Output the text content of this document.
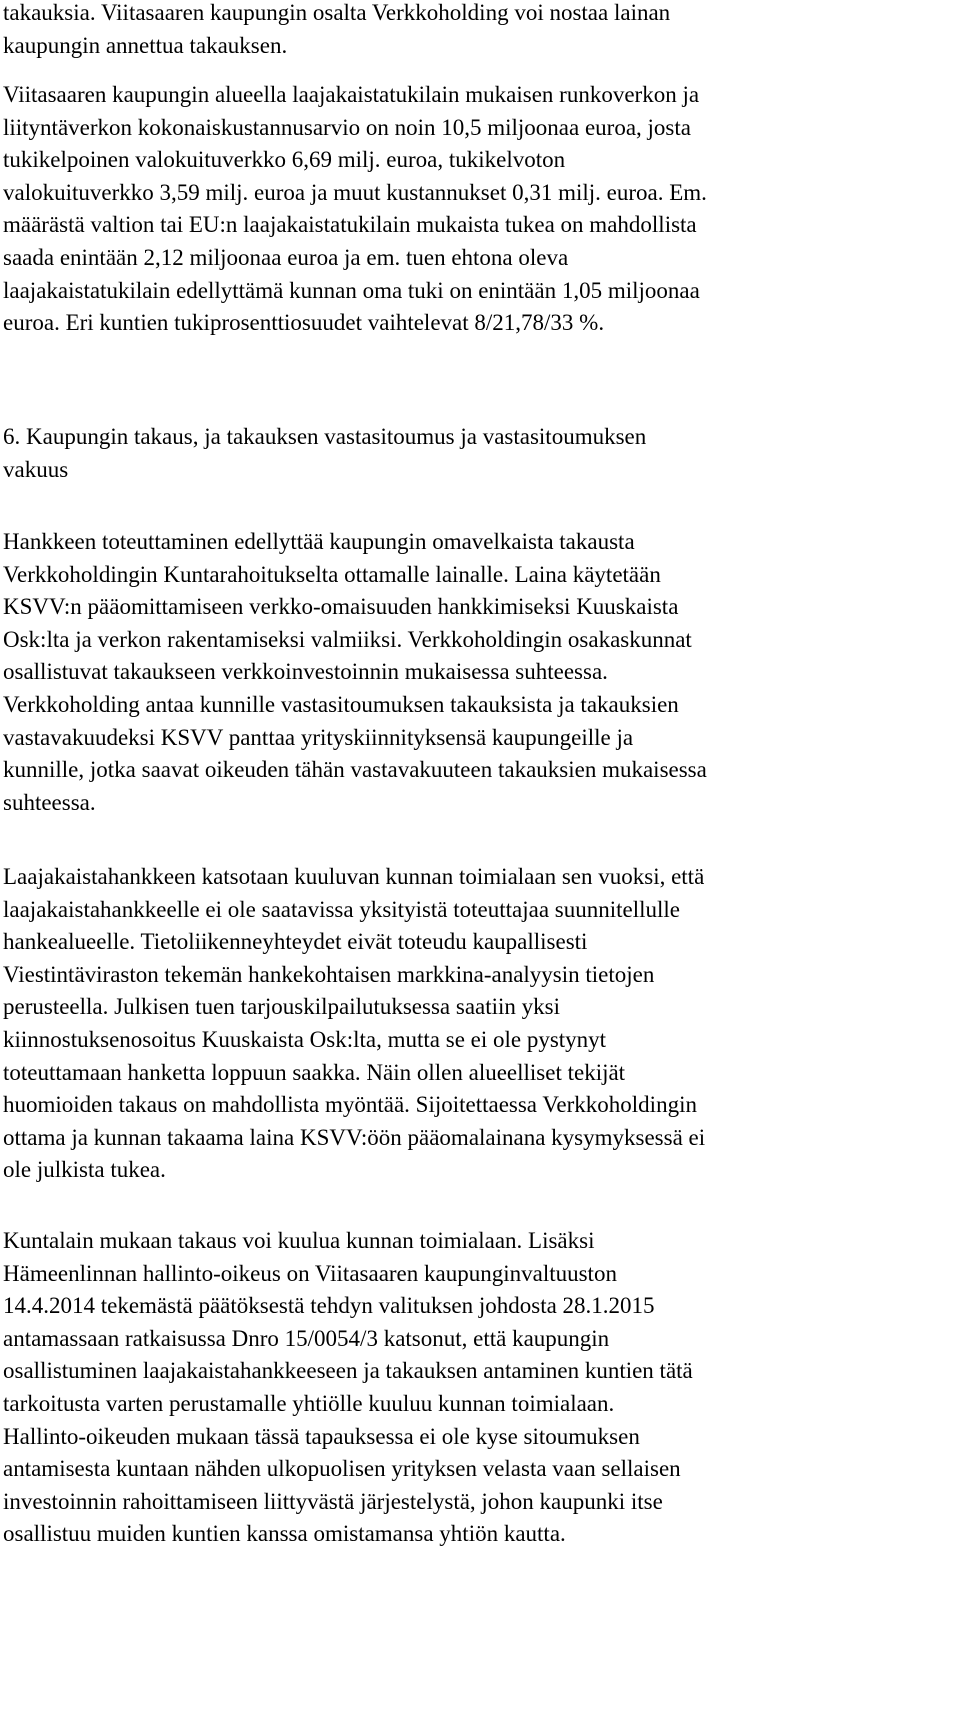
takauksia. Viitasaaren kaupungin osalta Verkkoholding voi nostaa lainan
kaupungin annettua takauksen.
Viitasaaren kaupungin alueella laajakaistatukilain mukaisen runkoverkon ja
liityntäverkon kokonaiskustannusarvio on noin 10,5 miljoonaa euroa, josta
tukikelpoinen valokuituverkko 6,69 milj. euroa, tukikelvoton
valokuituverkko 3,59 milj. euroa ja muut kustannukset 0,31 milj. euroa. Em.
määrästä valtion tai EU:n laajakaistatukilain mukaista tukea on mahdollista
saada enintään 2,12 miljoonaa euroa ja em. tuen ehtona oleva
laajakaistatukilain edellyttämä kunnan oma tuki on enintään 1,05 miljoonaa
euroa. Eri kuntien tukiprosenttiosuudet vaihtelevat 8/21,78/33 %.
6. Kaupungin takaus, ja takauksen vastasitoumus ja vastasitoumuksen
vakuus
Hankkeen toteuttaminen edellyttää kaupungin omavelkaista takausta
Verkkoholdingin Kuntarahoitukselta ottamalle lainalle. Laina käytetään
KSVV:n pääomittamiseen verkko-omaisuuden hankkimiseksi Kuuskaista
Osk:lta ja verkon rakentamiseksi valmiiksi. Verkkoholdingin osakaskunnat
osallistuvat takaukseen verkkoinvestoinnin mukaisessa suhteessa.
Verkkoholding antaa kunnille vastasitoumuksen takauksista ja takauksien
vastavakuudeksi KSVV panttaa yrityskiinnityksensä kaupungeille ja
kunnille, jotka saavat oikeuden tähän vastavakuuteen takauksien mukaisessa
suhteessa.
Laajakaistahankkeen katsotaan kuuluvan kunnan toimialaan sen vuoksi, että
laajakaistahankkeelle ei ole saatavissa yksityistä toteuttajaa suunnitellulle
hankealueelle. Tietoliikenneyhteydet eivät toteudu kaupallisesti
Viestintäviraston tekemän hankekohtaisen markkina-analyysin tietojen
perusteella. Julkisen tuen tarjouskilpailutuksessa saatiin yksi
kiinnostuksenosoitus Kuuskaista Osk:lta, mutta se ei ole pystynyt
toteuttamaan hanketta loppuun saakka. Näin ollen alueelliset tekijät
huomioiden takaus on mahdollista myöntää. Sijoitettaessa Verkkoholdingin
ottama ja kunnan takaama laina KSVV:öön pääomalainana kysymyksessä ei
ole julkista tukea.
Kuntalain mukaan takaus voi kuulua kunnan toimialaan. Lisäksi
Hämeenlinnan hallinto-oikeus on Viitasaaren kaupunginvaltuuston
14.4.2014 tekemästä päätöksestä tehdyn valituksen johdosta 28.1.2015
antamassaan ratkaisussa Dnro 15/0054/3 katsonut, että kaupungin
osallistuminen laajakaistahankkeeseen ja takauksen antaminen kuntien tätä
tarkoitusta varten perustamalle yhtiölle kuuluu kunnan toimialaan.
Hallinto-oikeuden mukaan tässä tapauksessa ei ole kyse sitoumuksen
antamisesta kuntaan nähden ulkopuolisen yrityksen velasta vaan sellaisen
investoinnin rahoittamiseen liittyvästä järjestelystä, johon kaupunki itse
osallistuu muiden kuntien kanssa omistamansa yhtiön kautta.
